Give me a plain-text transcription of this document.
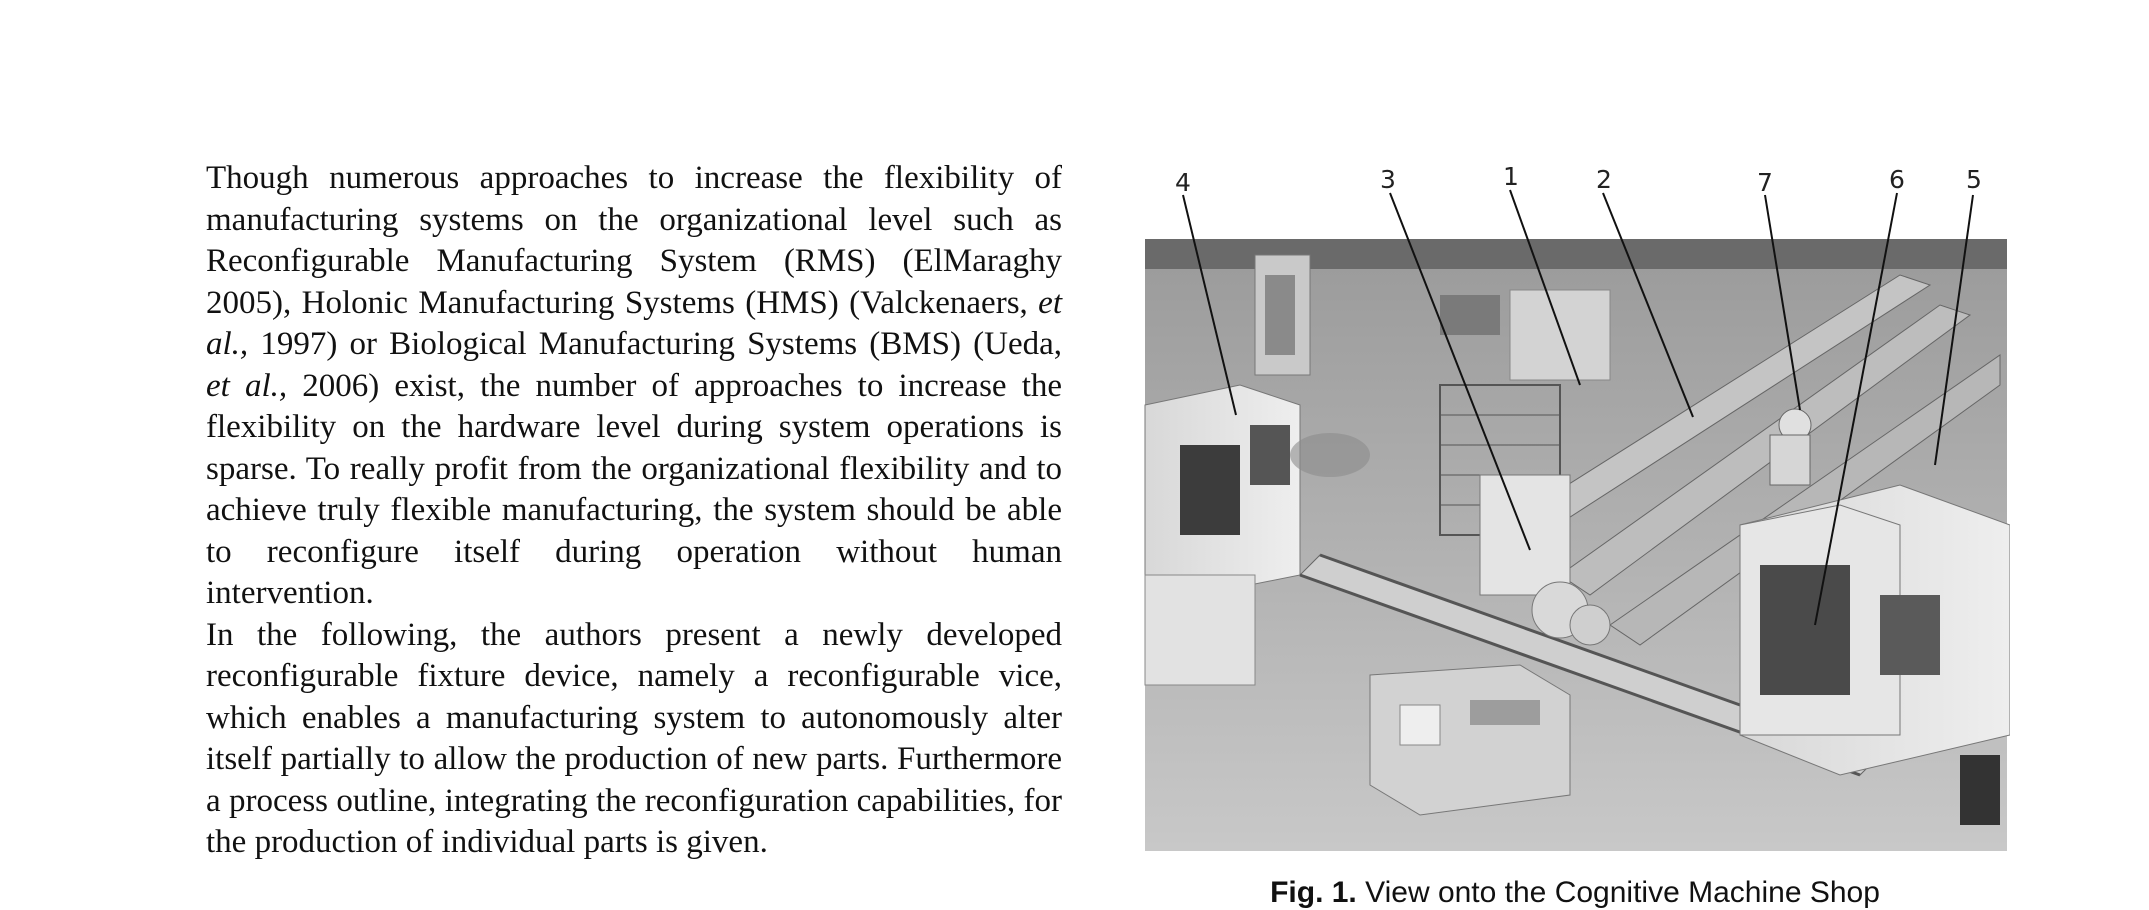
Though numerous approaches to increase the flexibility of manufacturing systems on the organizational level such as Reconfigurable Manufacturing System (RMS) (ElMaraghy 2005), Holonic Manufacturing Systems (HMS) (Valckenaers, et al., 1997) or Biological Manufacturing Systems (BMS) (Ueda, et al., 2006) exist, the number of approaches to increase the flexibility on the hardware level during system operations is sparse. To really profit from the organizational flexibility and to achieve truly flexible manufacturing, the system should be able to reconfigure itself during operation without human intervention.

In the following, the authors present a newly developed reconfigurable fixture device, namely a reconfigurable vice, which enables a manufacturing system to autonomously alter itself partially to allow the production of new parts. Furthermore a process outline, integrating the reconfiguration capabilities, for the production of individual parts is given.

4	3	1	2	7	6 5
Fig. 1. View onto the Cognitive Machine Shop
